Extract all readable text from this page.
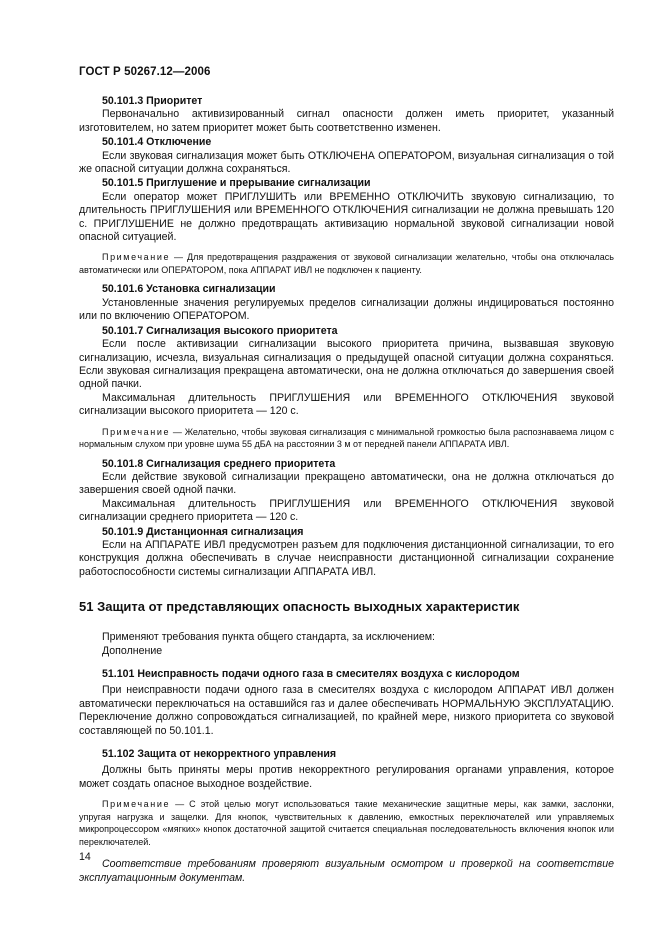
ГОСТ Р 50267.12—2006

50.101.3 Приоритет

Первоначально активизированный сигнал опасности должен иметь приоритет, указанный изготовителем, но затем приоритет может быть соответственно изменен.

50.101.4 Отключение

Если звуковая сигнализация может быть ОТКЛЮЧЕНА ОПЕРАТОРОМ, визуальная сигнализация о той же опасной ситуации должна сохраняться.

50.101.5 Приглушение и прерывание сигнализации

Если оператор может ПРИГЛУШИТЬ или ВРЕМЕННО ОТКЛЮЧИТЬ звуковую сигнализацию, то длительность ПРИГЛУШЕНИЯ или ВРЕМЕННОГО ОТКЛЮЧЕНИЯ сигнализации не должна превышать 120 с. ПРИГЛУШЕНИЕ не должно предотвращать активизацию нормальной звуковой сигнализации новой опасной ситуацией.

Примечание — Для предотвращения раздражения от звуковой сигнализации желательно, чтобы она отключалась автоматически или ОПЕРАТОРОМ, пока АППАРАТ ИВЛ не подключен к пациенту.

50.101.6 Установка сигнализации

Установленные значения регулируемых пределов сигнализации должны индицироваться постоянно или по включению ОПЕРАТОРОМ.

50.101.7 Сигнализация высокого приоритета

Если после активизации сигнализации высокого приоритета причина, вызвавшая звуковую сигнализацию, исчезла, визуальная сигнализация о предыдущей опасной ситуации должна сохраняться. Если звуковая сигнализация прекращена автоматически, она не должна отключаться до завершения своей одной пачки.

Максимальная длительность ПРИГЛУШЕНИЯ или ВРЕМЕННОГО ОТКЛЮЧЕНИЯ звуковой сигнализации высокого приоритета — 120 с.

Примечание — Желательно, чтобы звуковая сигнализация с минимальной громкостью была распознаваема лицом с нормальным слухом при уровне шума 55 дБА на расстоянии 3 м от передней панели АППАРАТА ИВЛ.

50.101.8 Сигнализация среднего приоритета

Если действие звуковой сигнализации прекращено автоматически, она не должна отключаться до завершения своей одной пачки.

Максимальная длительность ПРИГЛУШЕНИЯ или ВРЕМЕННОГО ОТКЛЮЧЕНИЯ звуковой сигнализации среднего приоритета — 120 с.

50.101.9 Дистанционная сигнализация

Если на АППАРАТЕ ИВЛ предусмотрен разъем для подключения дистанционной сигнализации, то его конструкция должна обеспечивать в случае неисправности дистанционной сигнализации сохранение работоспособности системы сигнализации АППАРАТА ИВЛ.

51 Защита от представляющих опасность выходных характеристик

Применяют требования пункта общего стандарта, за исключением:

Дополнение

51.101 Неисправность подачи одного газа в смесителях воздуха с кислородом

При неисправности подачи одного газа в смесителях воздуха с кислородом АППАРАТ ИВЛ должен автоматически переключаться на оставшийся газ и далее обеспечивать НОРМАЛЬНУЮ ЭКСПЛУАТАЦИЮ. Переключение должно сопровождаться сигнализацией, по крайней мере, низкого приоритета со звуковой составляющей по 50.101.1.

51.102 Защита от некорректного управления

Должны быть приняты меры против некорректного регулирования органами управления, которое может создать опасное выходное воздействие.

Примечание — С этой целью могут использоваться такие механические защитные меры, как замки, заслонки, упругая нагрузка и защелки. Для кнопок, чувствительных к давлению, емкостных переключателей или управляемых микропроцессором «мягких» кнопок достаточной защитой считается специальная последовательность включения кнопок или переключателей.

Соответствие требованиям проверяют визуальным осмотром и проверкой на соответствие эксплуатационным документам.

14
